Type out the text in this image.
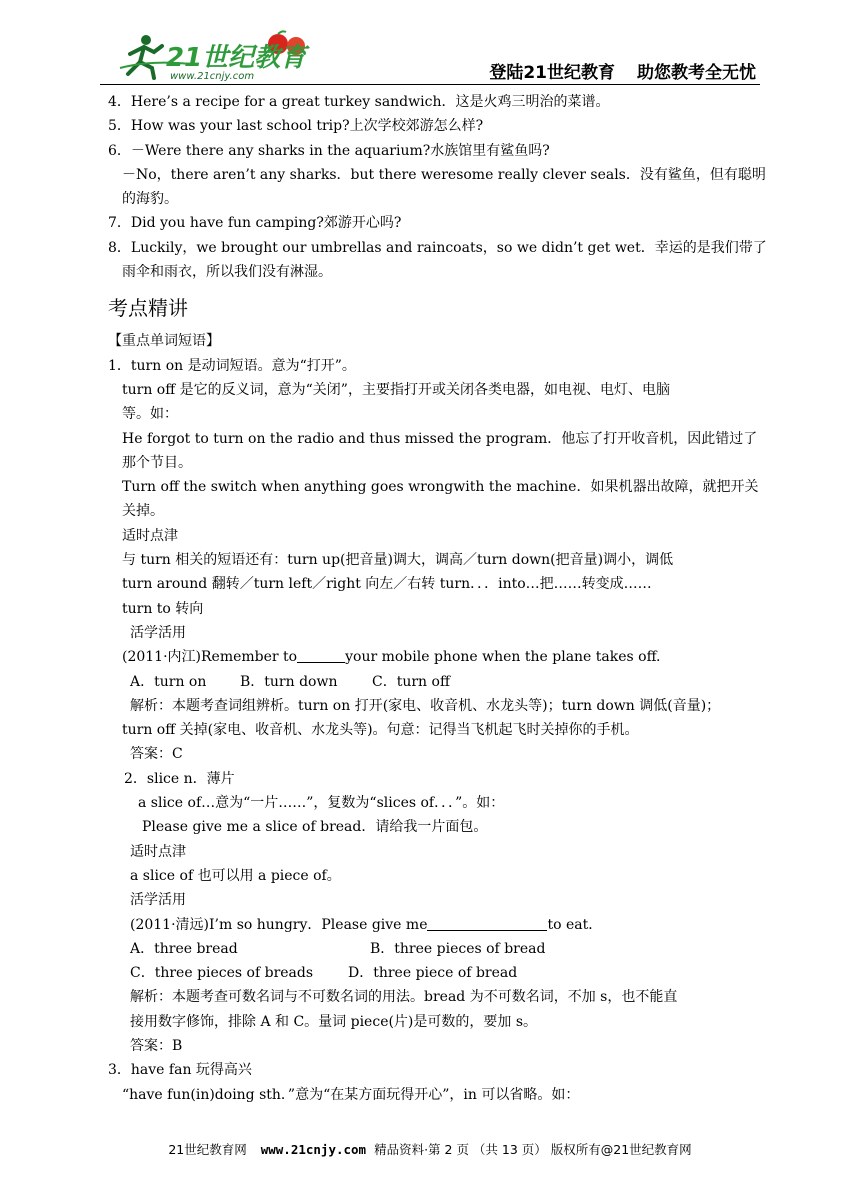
21世纪教育
www.21cnjy.com	登陆21世纪教育 助您教考全无忧

4．Here’s a recipe for a great turkey sandwich．这是火鸡三明治的菜谱。

5．How was your last school trip?上次学校郊游怎么样?

6．－Were there any sharks in the aquarium?水族馆里有鲨鱼吗?

－No，there aren’t any sharks．but there weresome really clever seals．没有鲨鱼，但有聪明

的海豹。

7．Did you have fun camping?郊游开心吗?

8．Luckily，we brought our umbrellas and raincoats，so we didn’t get wet．幸运的是我们带了

雨伞和雨衣，所以我们没有淋湿。

考点精讲

【重点单词短语】

1．turn on 是动词短语。意为“打开”。

turn off 是它的反义词，意为“关闭”，主要指打开或关闭各类电器，如电视、电灯、电脑

等。如：

He forgot to turn on the radio and thus missed the program．他忘了打开收音机，因此错过了

那个节目。

Turn off the switch when anything goes wrongwith the machine．如果机器出故障，就把开关

关掉。

适时点津

与 turn 相关的短语还有：turn up(把音量)调大，调高／turn down(把音量)调小，调低

turn around 翻转／turn left／right 向左／右转 turn．．．into…把……转变成……

turn to 转向

活学活用

(2011·内江)Remember to	your mobile phone when the plane takes off.

A．turn on B．turn down C．turn off

解析：本题考查词组辨析。turn on 打开(家电、收音机、水龙头等)；turn down 调低(音量)；

turn off 关掉(家电、收音机、水龙头等)。句意：记得当飞机起飞时关掉你的手机。

答案：C

2．slice n．薄片

a slice of…意为“一片……”，复数为“slices of．．．”。如：

Please give me a slice of bread．请给我一片面包。

适时点津

a slice of 也可以用 a piece of。

活学活用

(2011·清远)I’m so hungry．Please give me	to eat．

A．three bread	B．three pieces of bread

C．three pieces of breads D．three piece of bread

解析：本题考查可数名词与不可数名词的用法。bread 为不可数名词，不加 s，也不能直

接用数字修饰，排除 A 和 C。量词 piece(片)是可数的，要加 s。

答案：B

3．have fan 玩得高兴

“have fun(in)doing sth．”意为“在某方面玩得开心”，in 可以省略。如：

21世纪教育网 www.21cnjy.com 精品资料·第 2 页 （共 13 页） 版权所有@21世纪教育网
